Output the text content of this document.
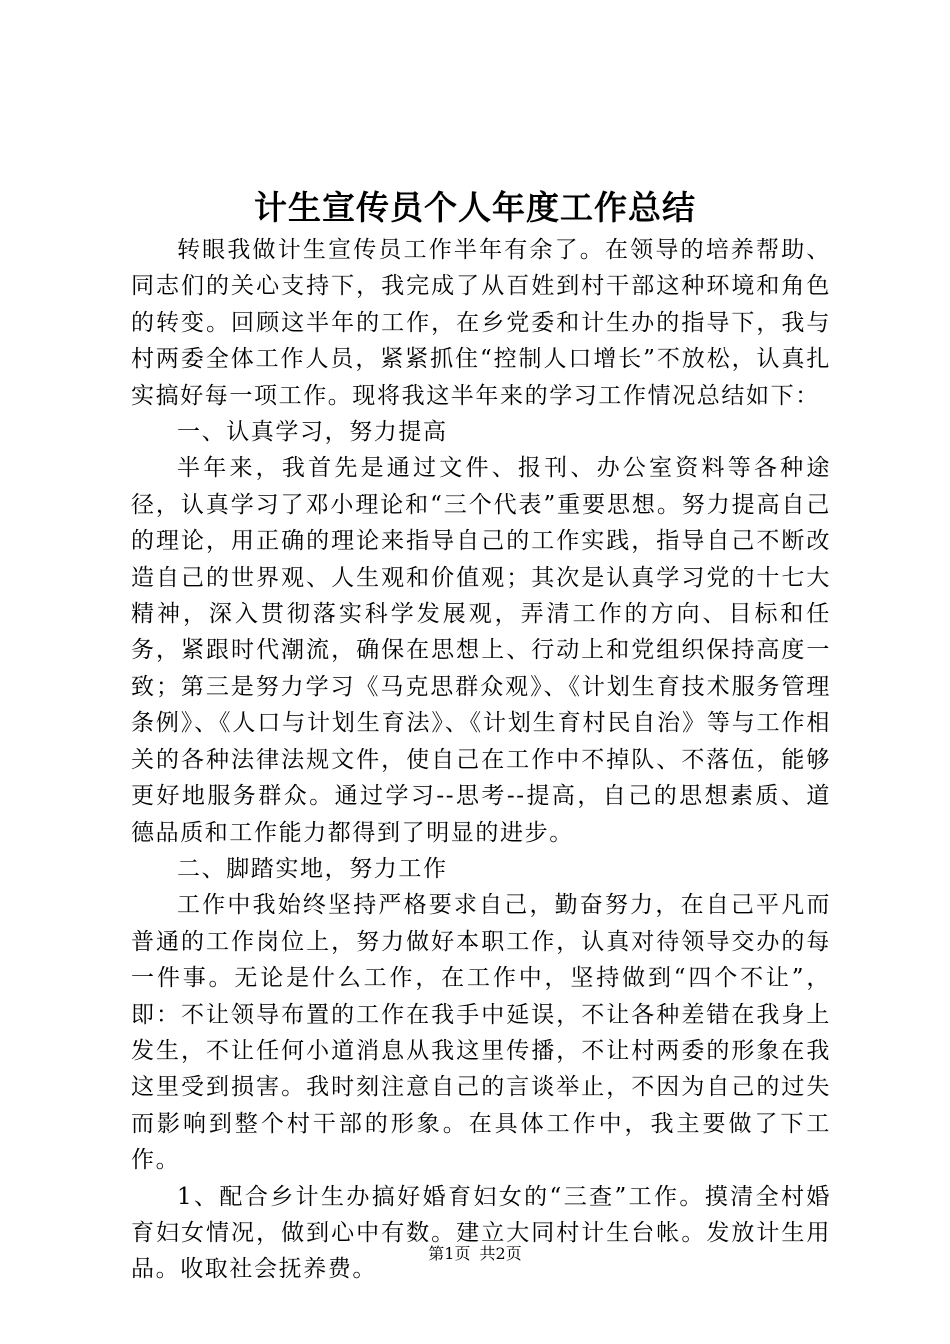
计生宣传员个人年度工作总结

转眼我做计生宣传员工作半年有余了。在领导的培养帮助、同志们的关心支持下，我完成了从百姓到村干部这种环境和角色的转变。回顾这半年的工作，在乡党委和计生办的指导下，我与村两委全体工作人员，紧紧抓住“控制人口增长”不放松，认真扎实搞好每一项工作。现将我这半年来的学习工作情况总结如下：

一、认真学习，努力提高

半年来，我首先是通过文件、报刊、办公室资料等各种途径，认真学习了邓小理论和“三个代表”重要思想。努力提高自己的理论，用正确的理论来指导自己的工作实践，指导自己不断改造自己的世界观、人生观和价值观；其次是认真学习党的十七大精神，深入贯彻落实科学发展观，弄清工作的方向、目标和任务，紧跟时代潮流，确保在思想上、行动上和党组织保持高度一致；第三是努力学习《马克思群众观》、《计划生育技术服务管理条例》、《人口与计划生育法》、《计划生育村民自治》等与工作相关的各种法律法规文件，使自己在工作中不掉队、不落伍，能够更好地服务群众。通过学习--思考--提高，自己的思想素质、道德品质和工作能力都得到了明显的进步。

二、脚踏实地，努力工作

工作中我始终坚持严格要求自己，勤奋努力，在自己平凡而普通的工作岗位上，努力做好本职工作，认真对待领导交办的每一件事。无论是什么工作，在工作中，坚持做到“四个不让”，即：不让领导布置的工作在我手中延误，不让各种差错在我身上发生，不让任何小道消息从我这里传播，不让村两委的形象在我这里受到损害。我时刻注意自己的言谈举止，不因为自己的过失而影响到整个村干部的形象。在具体工作中，我主要做了下工作。

1、配合乡计生办搞好婚育妇女的“三查”工作。摸清全村婚育妇女情况，做到心中有数。建立大同村计生台帐。发放计生用品。收取社会抚养费。

第1页 共2页
